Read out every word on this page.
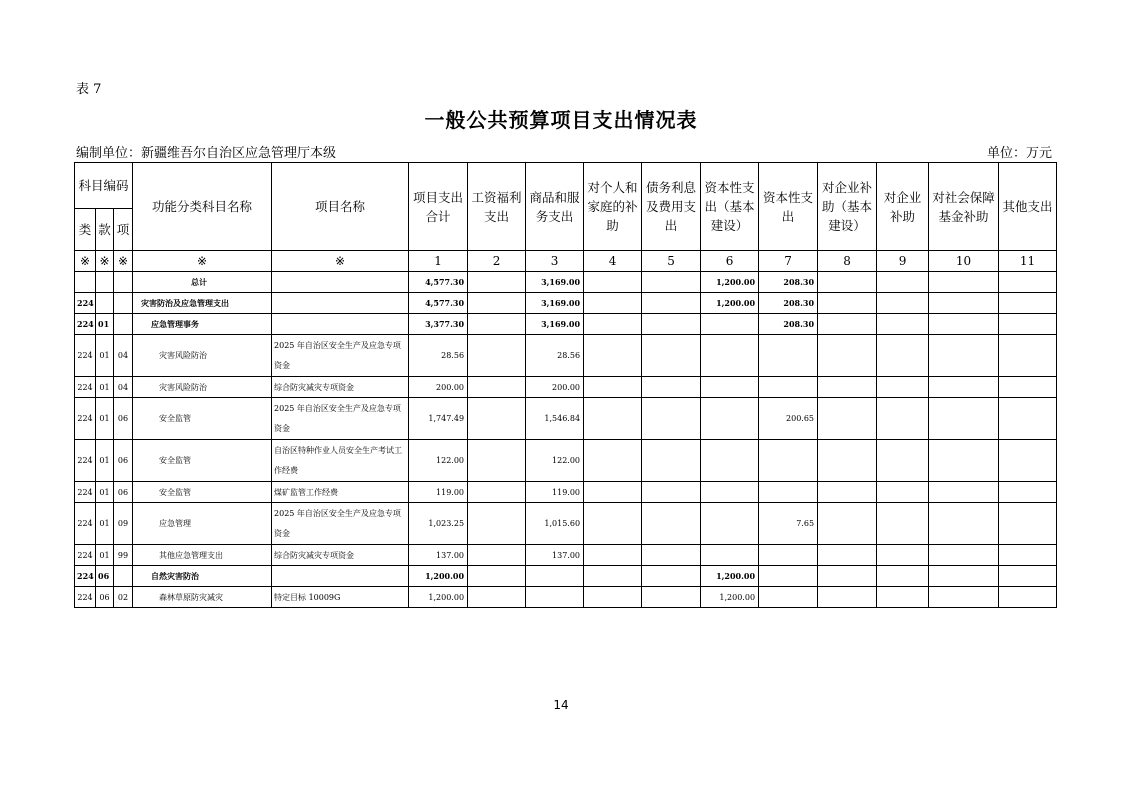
表 7
一般公共预算项目支出情况表
编制单位：新疆维吾尔自治区应急管理厅本级	单位：万元
科目编码			功能分类科目名称	项目名称	项目支出合计	工资福利支出	商品和服务支出	对个人和家庭的补助	债务利息及费用支出	资本性支出（基本建设）	资本性支出	对企业补助（基本建设）	对企业补助	对社会保障基金补助	其他支出
类	款	项													
※	※	※	※	※	1	2	3	4	5	6	7	8	9	10	11
			总计		4,577.30		3,169.00			1,200.00	208.30				
224			灾害防治及应急管理支出		4,577.30		3,169.00			1,200.00	208.30				
224	01		应急管理事务		3,377.30		3,169.00				208.30				
224	01	04	灾害风险防治	2025 年自治区安全生产及应急专项资金	28.56		28.56								
224	01	04	灾害风险防治	综合防灾减灾专项资金	200.00		200.00								
224	01	06	安全监管	2025 年自治区安全生产及应急专项资金	1,747.49		1,546.84				200.65				
224	01	06	安全监管	自治区特种作业人员安全生产考试工作经费	122.00		122.00								
224	01	06	安全监管	煤矿监管工作经费	119.00		119.00								
224	01	09	应急管理	2025 年自治区安全生产及应急专项资金	1,023.25		1,015.60				7.65				
224	01	99	其他应急管理支出	综合防灾减灾专项资金	137.00		137.00								
224	06		自然灾害防治		1,200.00					1,200.00					
224	06	02	森林草原防灾减灾	特定目标 10009G	1,200.00					1,200.00					
14
